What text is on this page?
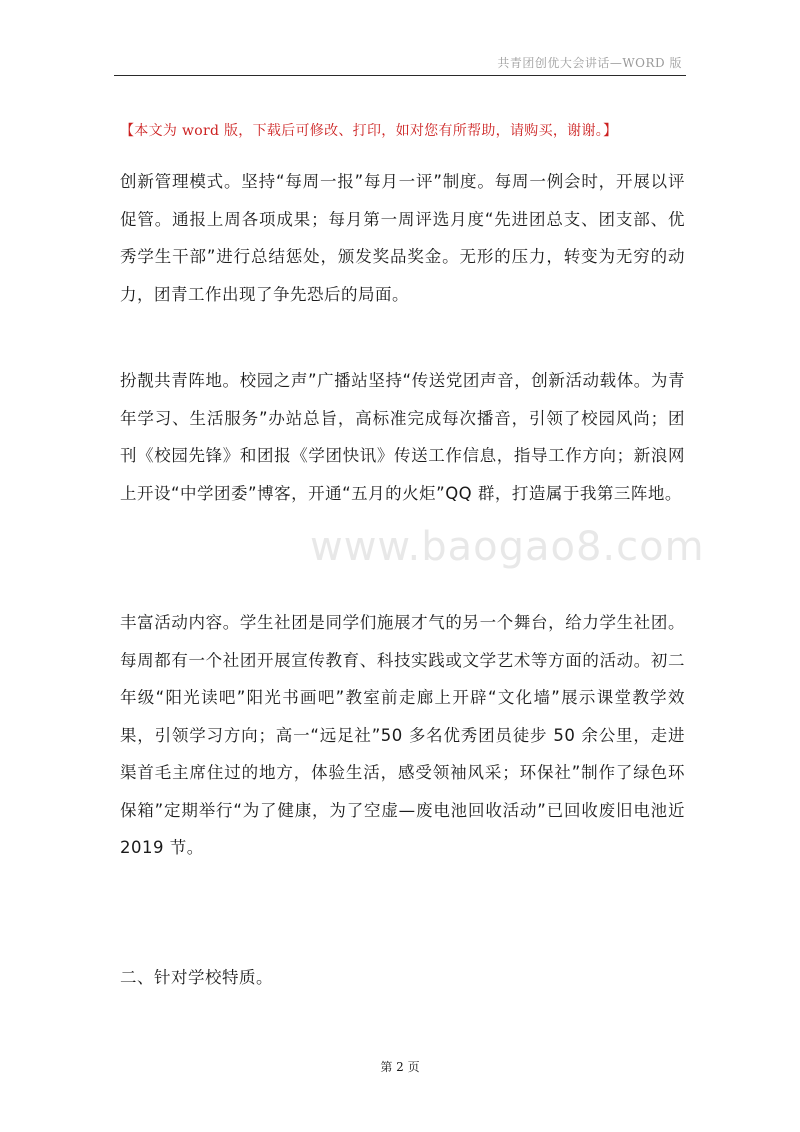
共青团创优大会讲话—WORD 版
【本文为 word 版，下载后可修改、打印，如对您有所帮助，请购买，谢谢。】

创新管理模式。坚持“每周一报”每月一评”制度。每周一例会时，开展以评促管。通报上周各项成果；每月第一周评选月度“先进团总支、团支部、优秀学生干部”进行总结惩处，颁发奖品奖金。无形的压力，转变为无穷的动力，团青工作出现了争先恐后的局面。

扮靓共青阵地。校园之声”广播站坚持“传送党团声音，创新活动载体。为青年学习、生活服务”办站总旨，高标准完成每次播音，引领了校园风尚；团刊《校园先锋》和团报《学团快讯》传送工作信息，指导工作方向；新浪网上开设“中学团委”博客，开通“五月的火炬”QQ 群，打造属于我第三阵地。

丰富活动内容。学生社团是同学们施展才气的另一个舞台，给力学生社团。每周都有一个社团开展宣传教育、科技实践或文学艺术等方面的活动。初二年级“阳光读吧”阳光书画吧”教室前走廊上开辟“文化墙”展示课堂教学效果，引领学习方向；高一“远足社”50 多名优秀团员徒步 50 余公里，走进渠首毛主席住过的地方，体验生活，感受领袖风采；环保社”制作了绿色环保箱”定期举行“为了健康，为了空虚—废电池回收活动”已回收废旧电池近 2019 节。

二、针对学校特质。

www.baogao8.com
第 2 页
